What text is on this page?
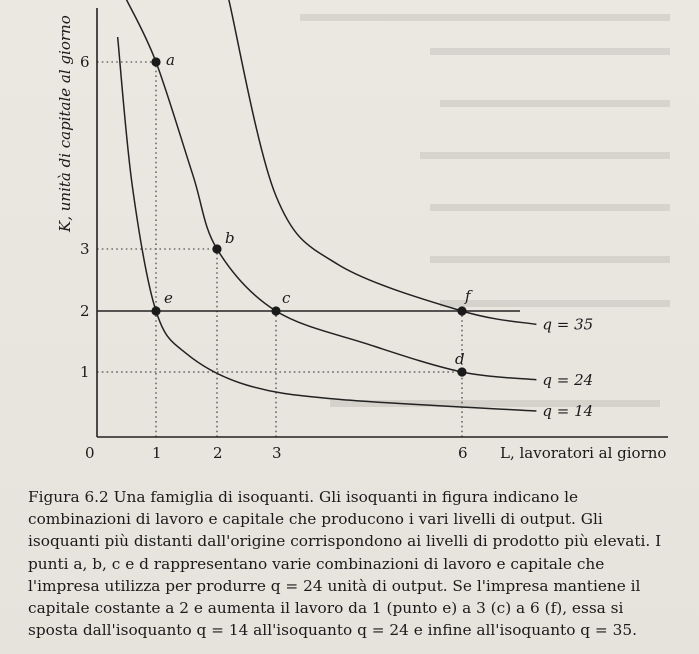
q = 35
q = 24
q = 14
a
b
c
d
e	f
1	2	3	6
1
2
3
6
K, unità di capitale al giorno
L, lavoratori al giorno
0
Figura 6.2 Una famiglia di isoquanti. Gli isoquanti in figura indicano le combinazioni di lavoro e capitale che producono i vari livelli di output. Gli isoquanti più distanti dall'origine corrispondono ai livelli di prodotto più elevati. I punti a, b, c e d rappresentano varie combinazioni di lavoro e capitale che l'impresa utilizza per produrre q = 24 unità di output. Se l'impresa mantiene il capitale costante a 2 e aumenta il lavoro da 1 (punto e) a 3 (c) a 6 (f), essa si sposta dall'isoquanto q = 14 all'isoquanto q = 24 e infine all'isoquanto q = 35.
